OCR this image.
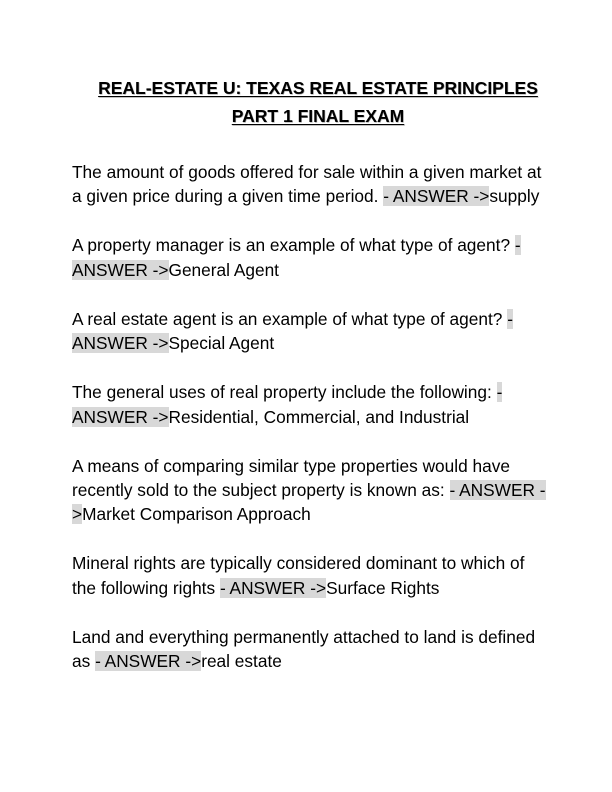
REAL-ESTATE U: TEXAS REAL ESTATE PRINCIPLES
PART 1 FINAL EXAM

The amount of goods offered for sale within a given market at a given price during a given time period. - ANSWER ->supply

A property manager is an example of what type of agent? - ANSWER ->General Agent

A real estate agent is an example of what type of agent? - ANSWER ->Special Agent

The general uses of real property include the following: - ANSWER ->Residential, Commercial, and Industrial

A means of comparing similar type properties would have recently sold to the subject property is known as: - ANSWER ->Market Comparison Approach

Mineral rights are typically considered dominant to which of the following rights - ANSWER ->Surface Rights

Land and everything permanently attached to land is defined as - ANSWER ->real estate
